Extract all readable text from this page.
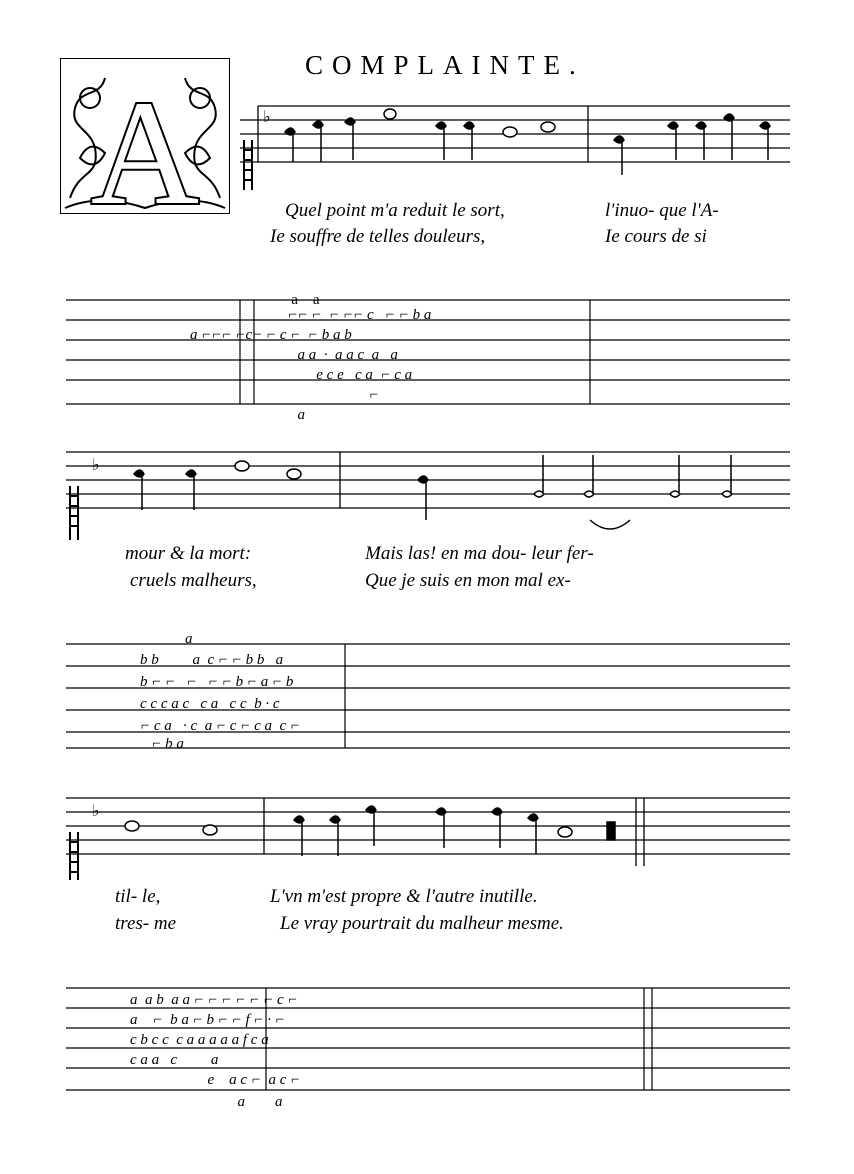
COMPLAINTE.
A	♭
Quel point m'a reduit le sort,	l'inuo- que l'A-
Ie souffre de telles douleurs,	Ie cours de si
a    a
⌐⌐ ⌐  ⌐ ⌐⌐ c   ⌐ ⌐ b a
a ⌐⌐⌐ ⌐c⌐ ⌐ c ⌐  ⌐ b a b
a a  ·  a a c  a   a
e c e   c a  ⌐ c a
⌐
a
♭
mour & la mort:	Mais las! en ma dou- leur fer-
cruels malheurs,	Que je suis en mon mal ex-
a
b b         a  c ⌐ ⌐ b b   a
b ⌐ ⌐   ⌐   ⌐ ⌐ b ⌐ a ⌐ b
c c c a c   c a   c c  b · c
⌐ c a   · c  a ⌐ c ⌐ c a  c ⌐
⌐ b a
♭
til- le,	L'vn m'est propre & l'autre inutille.
tres- me	Le vray pourtrait du malheur mesme.
a  a b  a a ⌐ ⌐ ⌐ ⌐ ⌐ ⌐ c ⌐
a    ⌐  b a ⌐ b ⌐ ⌐ f ⌐ · ⌐
c b c c  c a a a a a f c a
c a a   c         a
e    a c ⌐  a c ⌐
a        a
